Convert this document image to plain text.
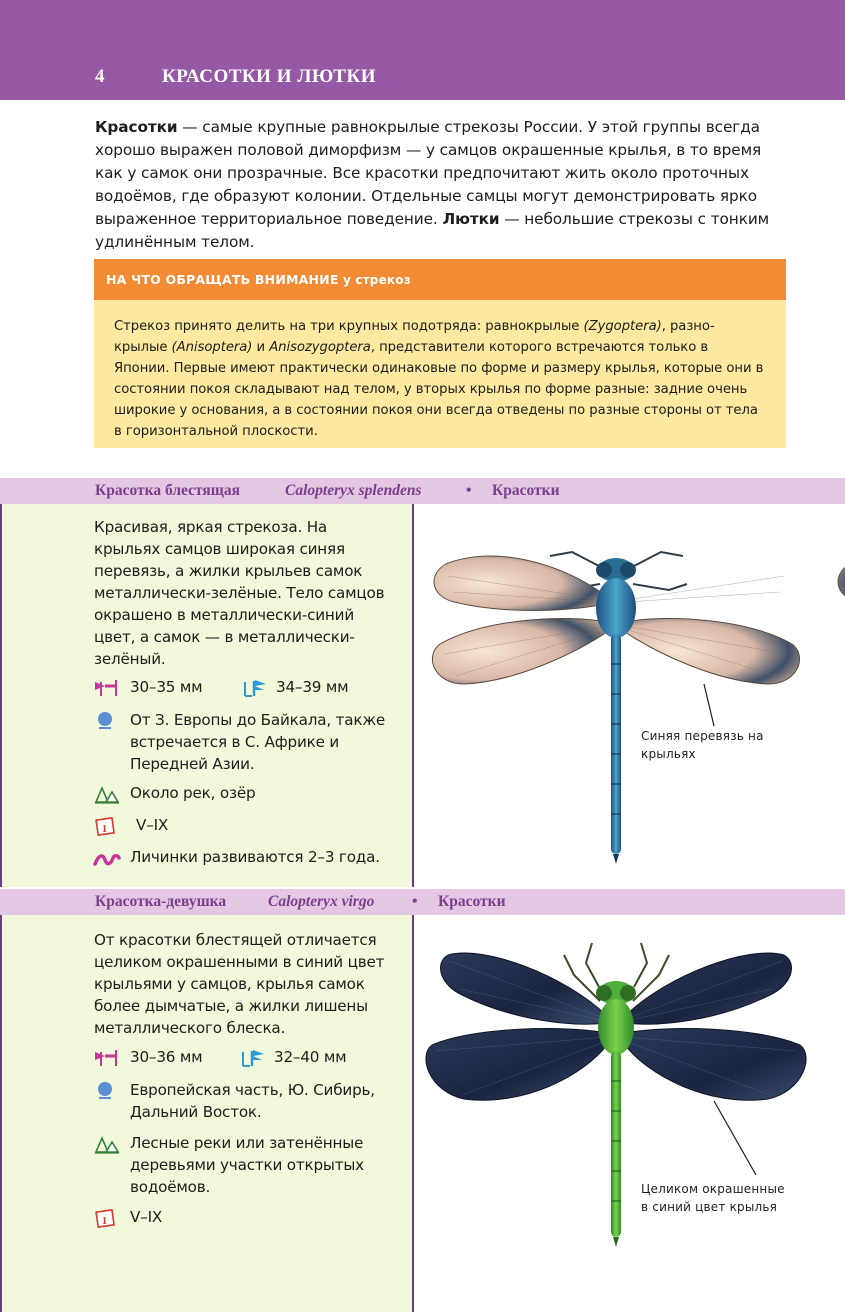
4	КРАСОТКИ И ЛЮТКИ

Красотки — самые крупные равнокрылые стрекозы России. У этой группы всегда хорошо выражен половой диморфизм — у самцов окрашенные крылья, в то время как у самок они прозрачные. Все красотки предпочитают жить около проточных водоёмов, где образуют колонии. Отдельные самцы могут демонстрировать ярко выраженное территориальное поведение. Лютки — небольшие стрекозы с тонким удлинённым телом.

НА ЧТО ОБРАЩАТЬ ВНИМАНИЕ у стрекоз

Стрекоз принято делить на три крупных подотряда: равнокрылые (Zygoptera), разно-крылые (Anisoptera) и Anisozygoptera, представители которого встречаются только в Японии. Первые имеют практически одинаковые по форме и размеру крылья, которые они в состоянии покоя складывают над телом, у вторых крылья по форме разные: задние очень широкие у основания, а в состоянии покоя они всегда отведены по разные стороны от тела в горизонтальной плоскости.

Красотка блестящая	Calopteryx splendens	• Красотки

Красивая, яркая стрекоза. На крыльях самцов широкая синяя перевязь, а жилки крыльев самок металлически-зелёные. Тело самцов окрашено в металлически-синий цвет, а самок — в металлически-зелёный.

30–35 мм	34–39 мм
От З. Европы до Байкала, также встречается в С. Африке и Передней Азии.
Около рек, озёр
1 V–IX
Личинки развиваются 2–3 года.

Синяя перевязь на крыльях

Красотка-девушка	Calopteryx virgo • Красотки

От красотки блестящей отличается целиком окрашенными в синий цвет крыльями у самцов, крылья самок более дымчатые, а жилки лишены металлического блеска.

30–36 мм	32–40 мм
Европейская часть, Ю. Сибирь, Дальний Восток.
Лесные реки или затенённые деревьями участки открытых водоёмов.
1 V–IX

Целиком окрашенные в синий цвет крылья
